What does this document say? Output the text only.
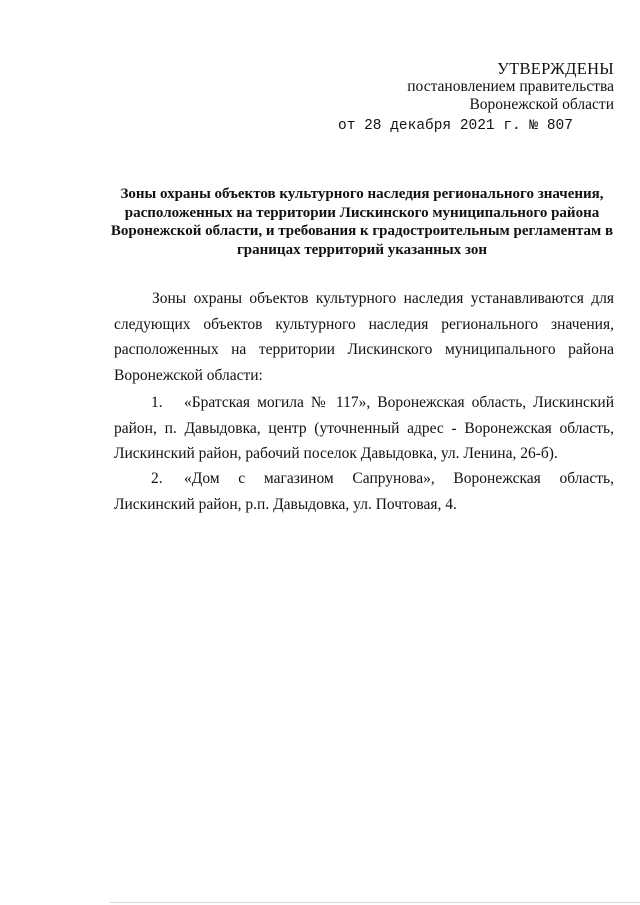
УТВЕРЖДЕНЫ
постановлением правительства
Воронежской области
от 28 декабря 2021 г. № 807
Зоны охраны объектов культурного наследия регионального значения, расположенных на территории Лискинского муниципального района Воронежской области, и требования к градостроительным регламентам в границах территорий указанных зон
Зоны охраны объектов культурного наследия устанавливаются для следующих объектов культурного наследия регионального значения, расположенных на территории Лискинского муниципального района Воронежской области:
1. «Братская могила № 117», Воронежская область, Лискинский район, п. Давыдовка, центр (уточненный адрес - Воронежская область, Лискинский район, рабочий поселок Давыдовка, ул. Ленина, 26-б).
2. «Дом с магазином Сапрунова», Воронежская область, Лискинский район, р.п. Давыдовка, ул. Почтовая, 4.
